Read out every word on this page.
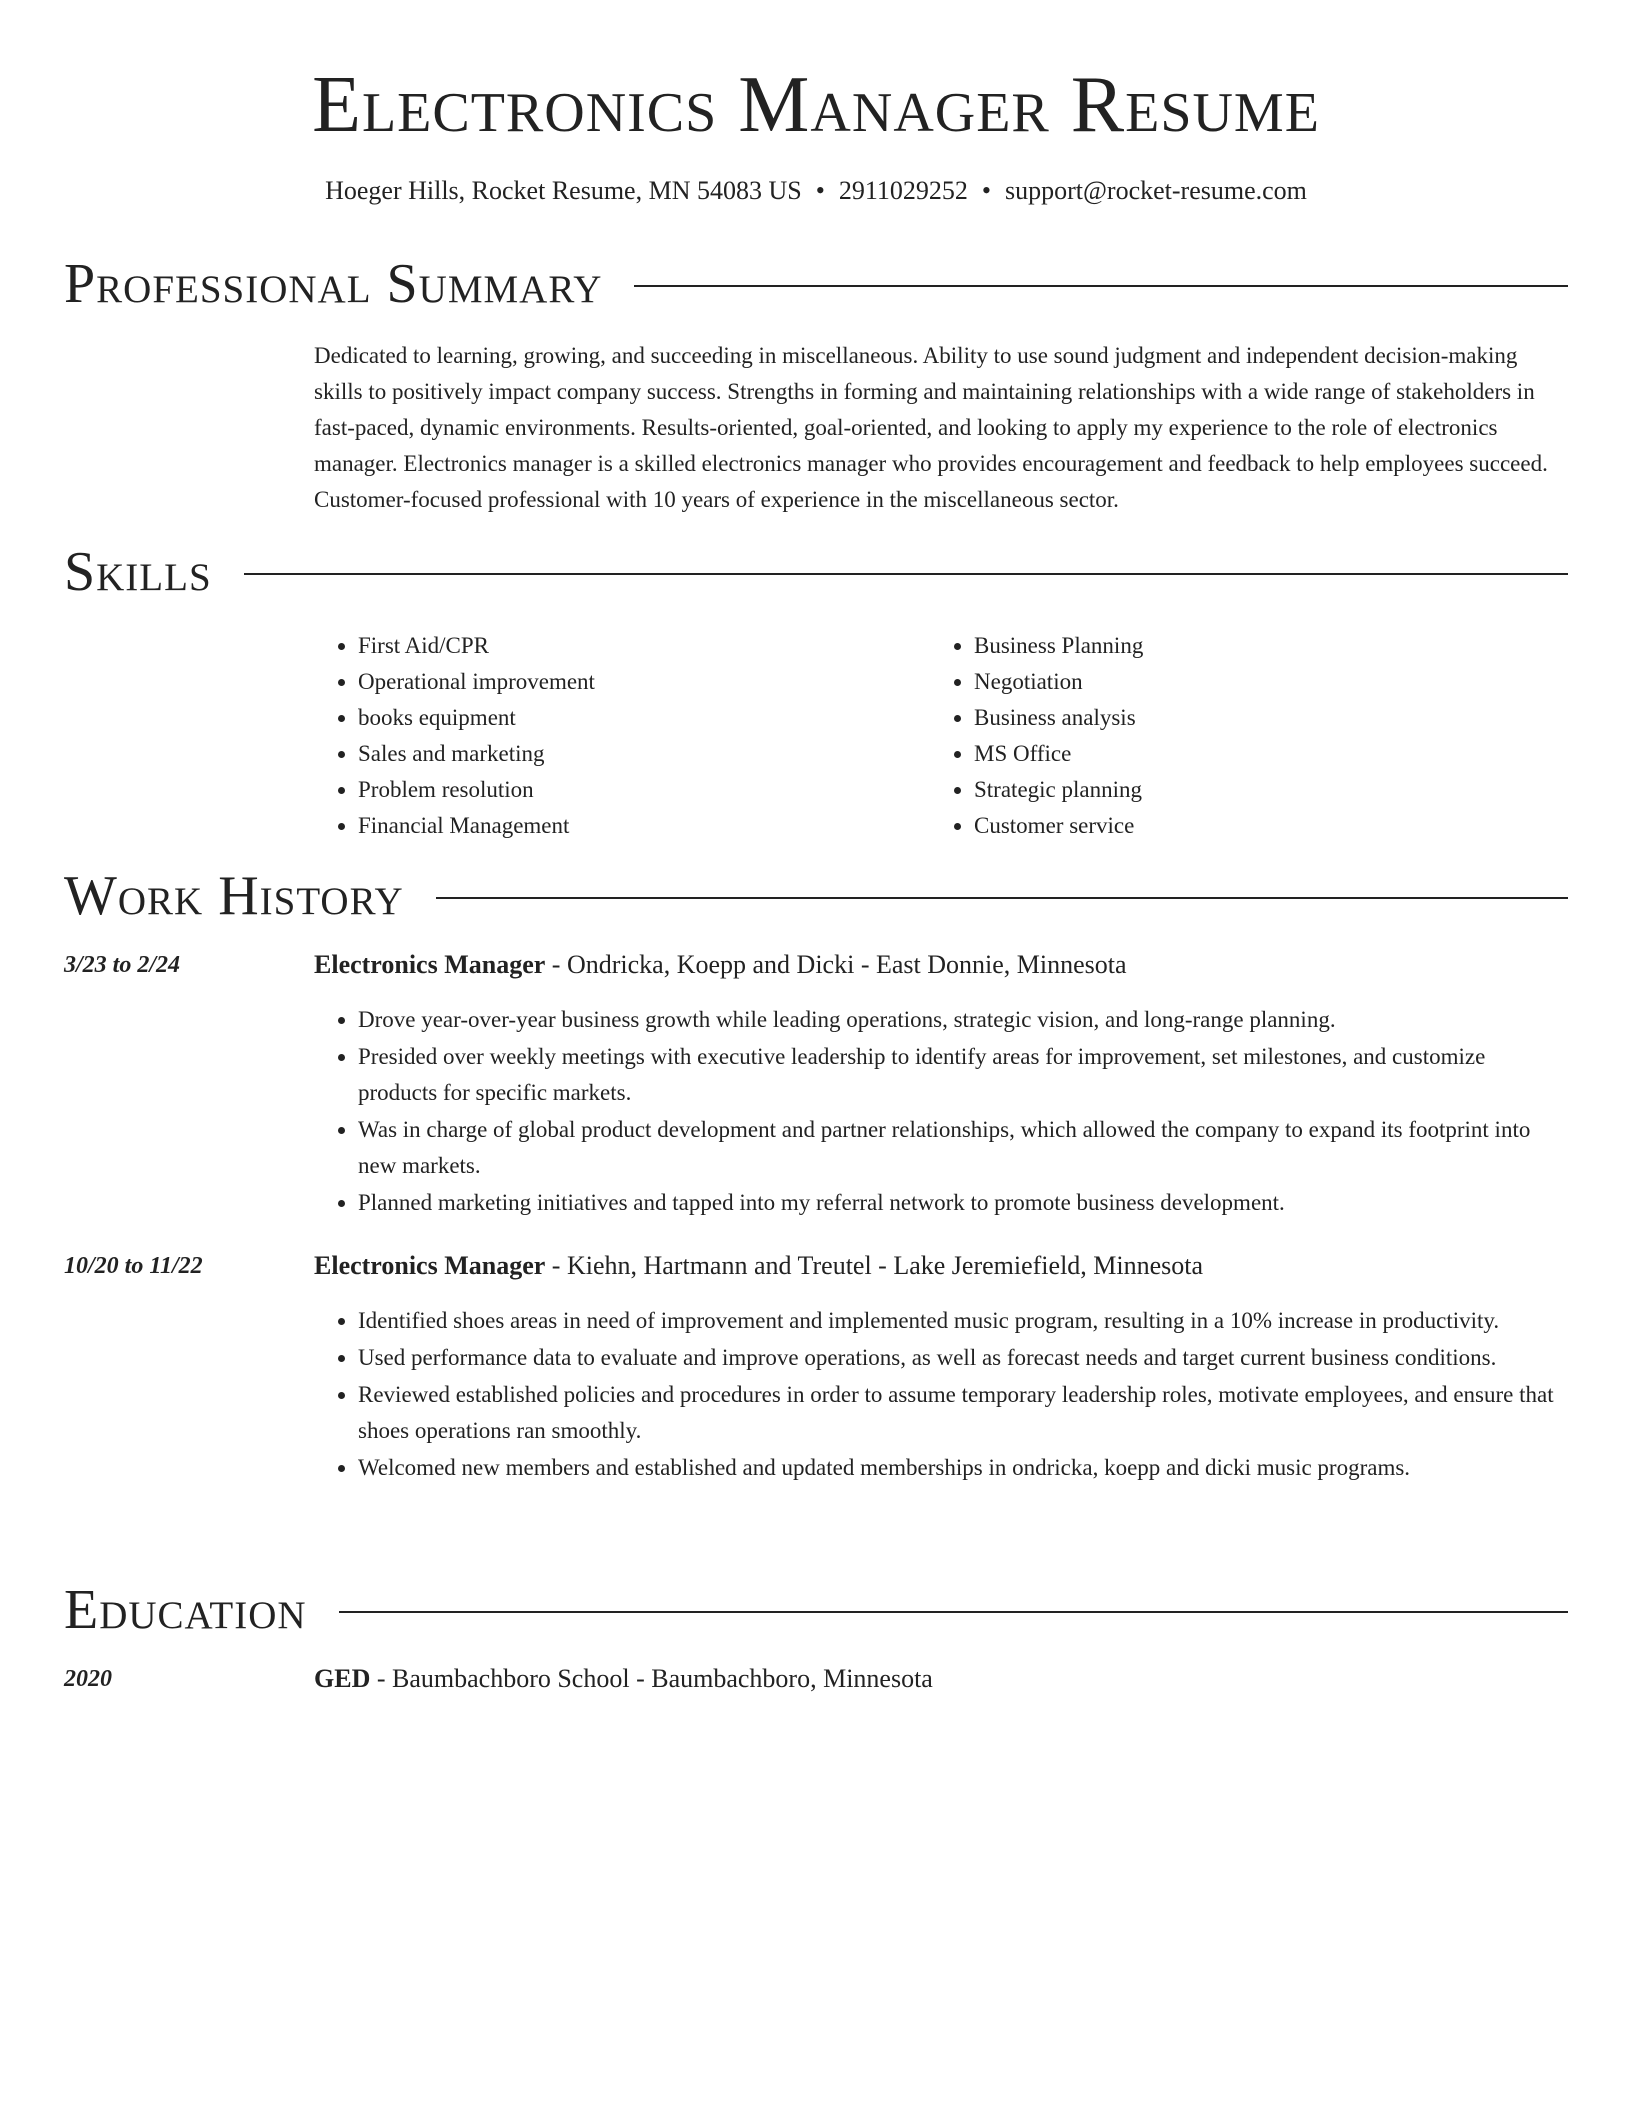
Electronics Manager Resume
Hoeger Hills, Rocket Resume, MN 54083 US • 2911029252 • support@rocket-resume.com
Professional Summary
Dedicated to learning, growing, and succeeding in miscellaneous. Ability to use sound judgment and independent decision-making skills to positively impact company success. Strengths in forming and maintaining relationships with a wide range of stakeholders in fast-paced, dynamic environments. Results-oriented, goal-oriented, and looking to apply my experience to the role of electronics manager. Electronics manager is a skilled electronics manager who provides encouragement and feedback to help employees succeed. Customer-focused professional with 10 years of experience in the miscellaneous sector.
Skills
• First Aid/CPR
• Operational improvement
• books equipment
• Sales and marketing
• Problem resolution
• Financial Management
• Business Planning
• Negotiation
• Business analysis
• MS Office
• Strategic planning
• Customer service
Work History
3/23 to 2/24	Electronics Manager - Ondricka, Koepp and Dicki - East Donnie, Minnesota
• Drove year-over-year business growth while leading operations, strategic vision, and long-range planning.
• Presided over weekly meetings with executive leadership to identify areas for improvement, set milestones, and customize products for specific markets.
• Was in charge of global product development and partner relationships, which allowed the company to expand its footprint into new markets.
• Planned marketing initiatives and tapped into my referral network to promote business development.
10/20 to 11/22	Electronics Manager - Kiehn, Hartmann and Treutel - Lake Jeremiefield, Minnesota
• Identified shoes areas in need of improvement and implemented music program, resulting in a 10% increase in productivity.
• Used performance data to evaluate and improve operations, as well as forecast needs and target current business conditions.
• Reviewed established policies and procedures in order to assume temporary leadership roles, motivate employees, and ensure that shoes operations ran smoothly.
• Welcomed new members and established and updated memberships in ondricka, koepp and dicki music programs.
Education
2020	GED - Baumbachboro School - Baumbachboro, Minnesota
